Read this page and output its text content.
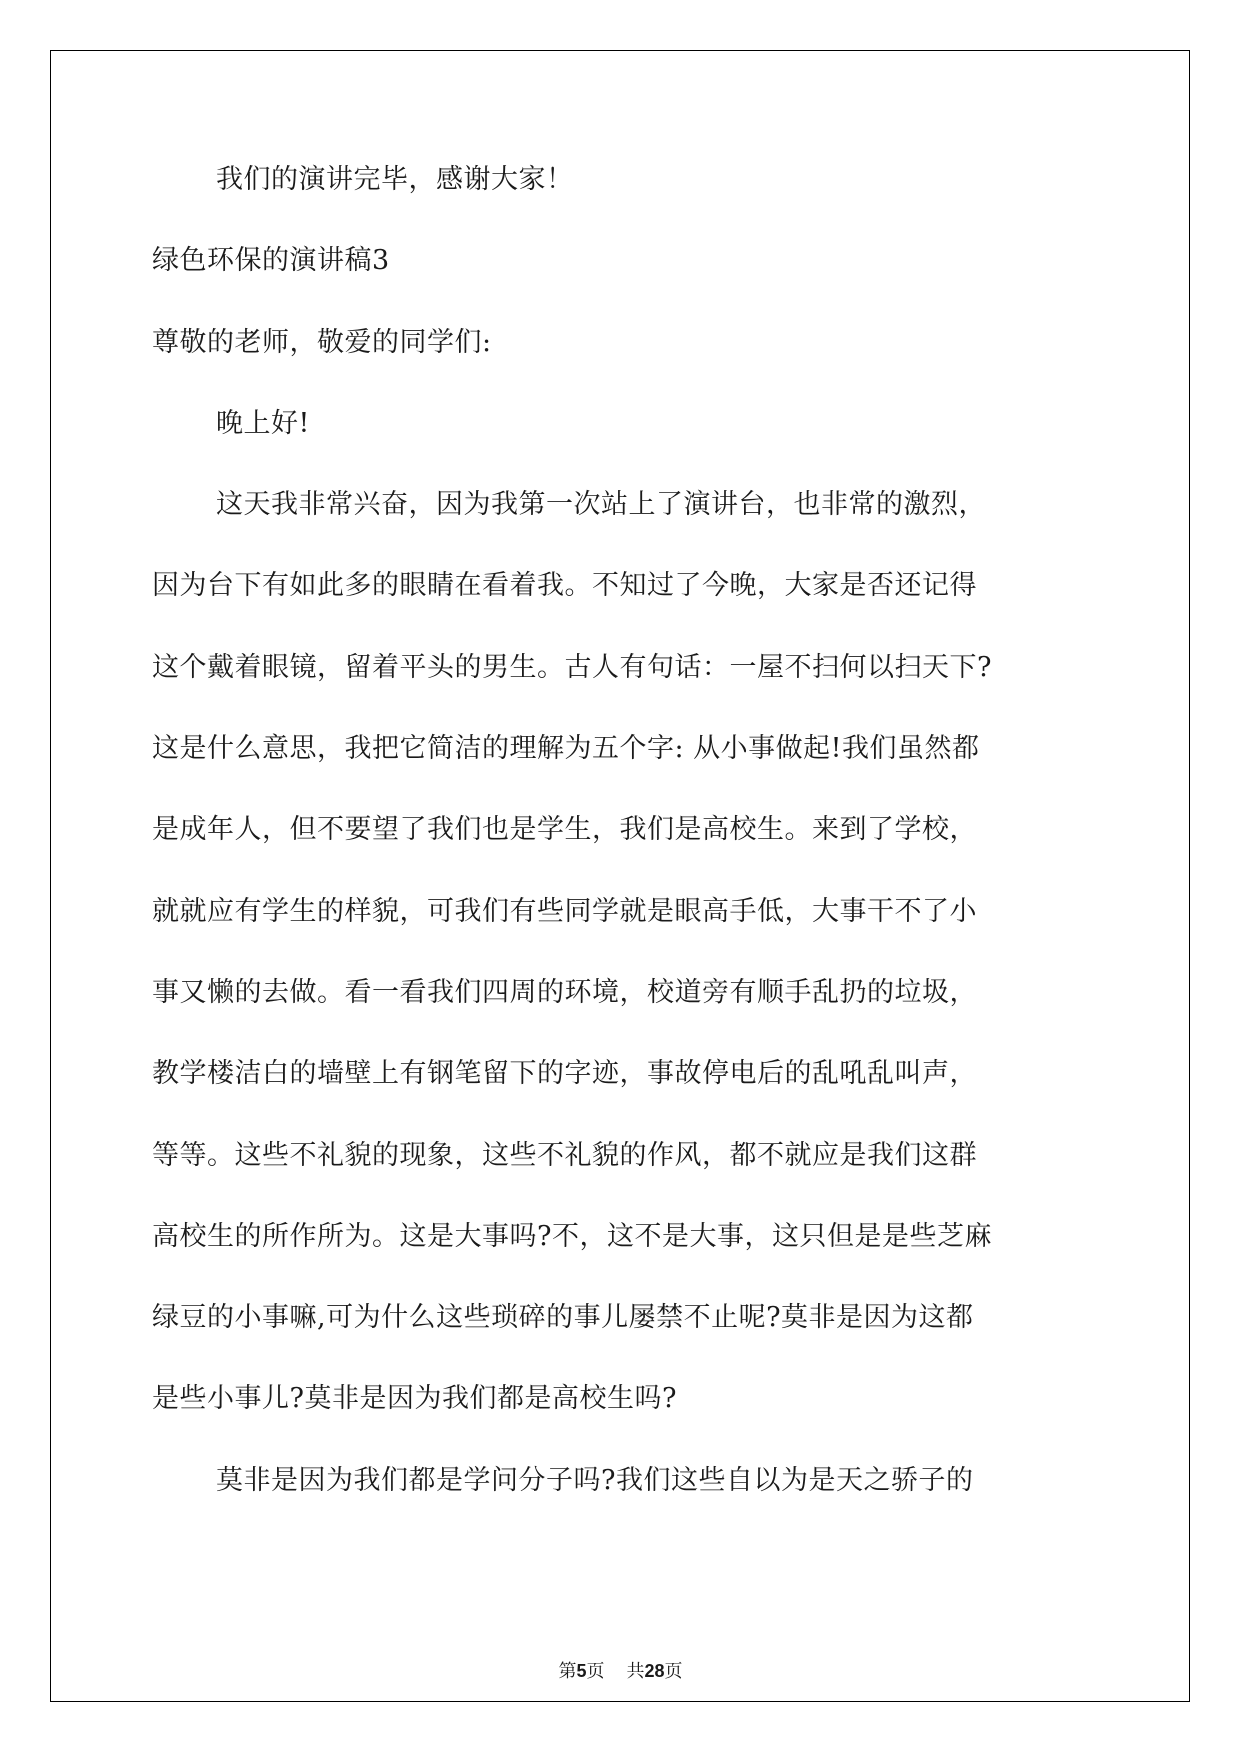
我们的演讲完毕，感谢大家！
绿色环保的演讲稿3
尊敬的老师，敬爱的同学们:
晚上好!
这天我非常兴奋，因为我第一次站上了演讲台，也非常的激烈，
因为台下有如此多的眼睛在看着我。不知过了今晚，大家是否还记得
这个戴着眼镜，留着平头的男生。古人有句话：一屋不扫何以扫天下?
这是什么意思，我把它简洁的理解为五个字: 从小事做起!我们虽然都
是成年人，但不要望了我们也是学生，我们是高校生。来到了学校，
就就应有学生的样貌，可我们有些同学就是眼高手低，大事干不了小
事又懒的去做。看一看我们四周的环境，校道旁有顺手乱扔的垃圾，
教学楼洁白的墙壁上有钢笔留下的字迹，事故停电后的乱吼乱叫声，
等等。这些不礼貌的现象，这些不礼貌的作风，都不就应是我们这群
高校生的所作所为。这是大事吗?不，这不是大事，这只但是是些芝麻
绿豆的小事嘛,可为什么这些琐碎的事儿屡禁不止呢?莫非是因为这都
是些小事儿?莫非是因为我们都是高校生吗?
莫非是因为我们都是学问分子吗?我们这些自以为是天之骄子的
第5页 共28页
